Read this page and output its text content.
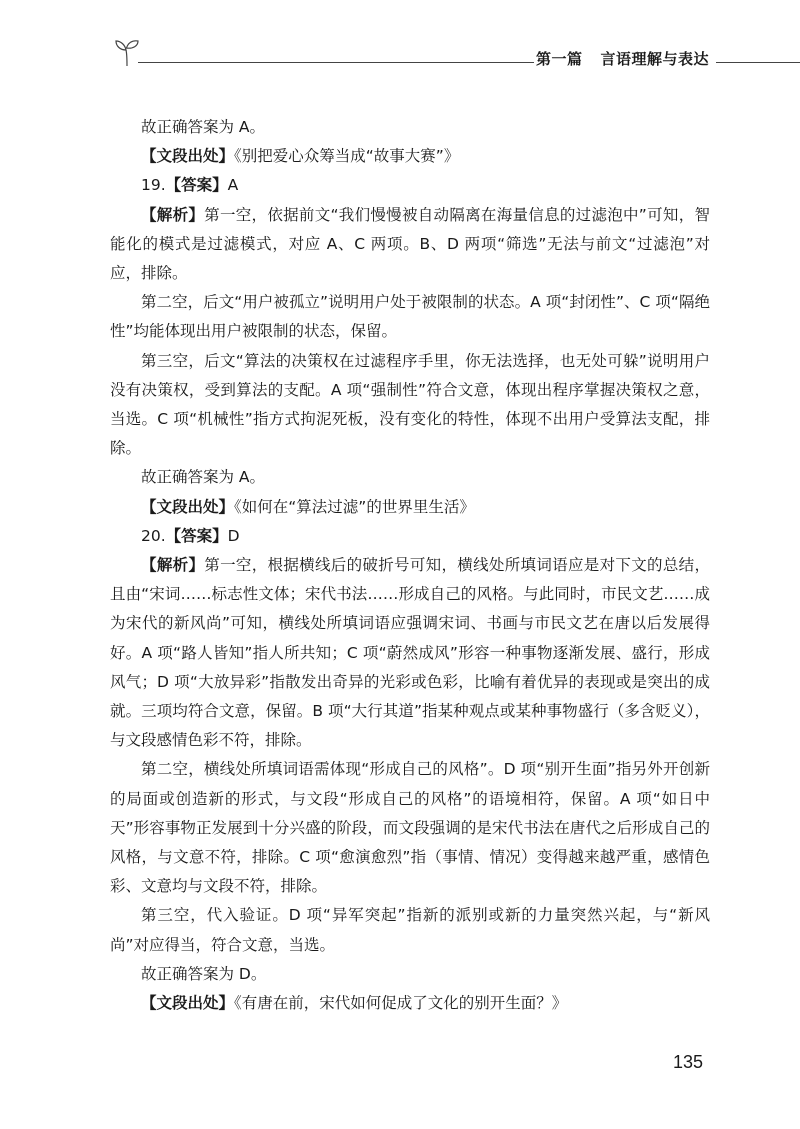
第一篇 言语理解与表达

故正确答案为 A。

【文段出处】《别把爱心众筹当成“故事大赛”》

19.【答案】A

【解析】第一空，依据前文“我们慢慢被自动隔离在海量信息的过滤泡中”可知，智能化的模式是过滤模式，对应 A、C 两项。B、D 两项“筛选”无法与前文“过滤泡”对应，排除。

第二空，后文“用户被孤立”说明用户处于被限制的状态。A 项“封闭性”、C 项“隔绝性”均能体现出用户被限制的状态，保留。

第三空，后文“算法的决策权在过滤程序手里，你无法选择，也无处可躲”说明用户没有决策权，受到算法的支配。A 项“强制性”符合文意，体现出程序掌握决策权之意，当选。C 项“机械性”指方式拘泥死板，没有变化的特性，体现不出用户受算法支配，排除。

故正确答案为 A。

【文段出处】《如何在“算法过滤”的世界里生活》

20.【答案】D

【解析】第一空，根据横线后的破折号可知，横线处所填词语应是对下文的总结，且由“宋词……标志性文体；宋代书法……形成自己的风格。与此同时，市民文艺……成为宋代的新风尚”可知，横线处所填词语应强调宋词、书画与市民文艺在唐以后发展得好。A 项“路人皆知”指人所共知；C 项“蔚然成风”形容一种事物逐渐发展、盛行，形成风气；D 项“大放异彩”指散发出奇异的光彩或色彩，比喻有着优异的表现或是突出的成就。三项均符合文意，保留。B 项“大行其道”指某种观点或某种事物盛行（多含贬义），与文段感情色彩不符，排除。

第二空，横线处所填词语需体现“形成自己的风格”。D 项“别开生面”指另外开创新的局面或创造新的形式，与文段“形成自己的风格”的语境相符，保留。A 项“如日中天”形容事物正发展到十分兴盛的阶段，而文段强调的是宋代书法在唐代之后形成自己的风格，与文意不符，排除。C 项“愈演愈烈”指（事情、情况）变得越来越严重，感情色彩、文意均与文段不符，排除。

第三空，代入验证。D 项“异军突起”指新的派别或新的力量突然兴起，与“新风尚”对应得当，符合文意，当选。

故正确答案为 D。

【文段出处】《有唐在前，宋代如何促成了文化的别开生面？》

135
